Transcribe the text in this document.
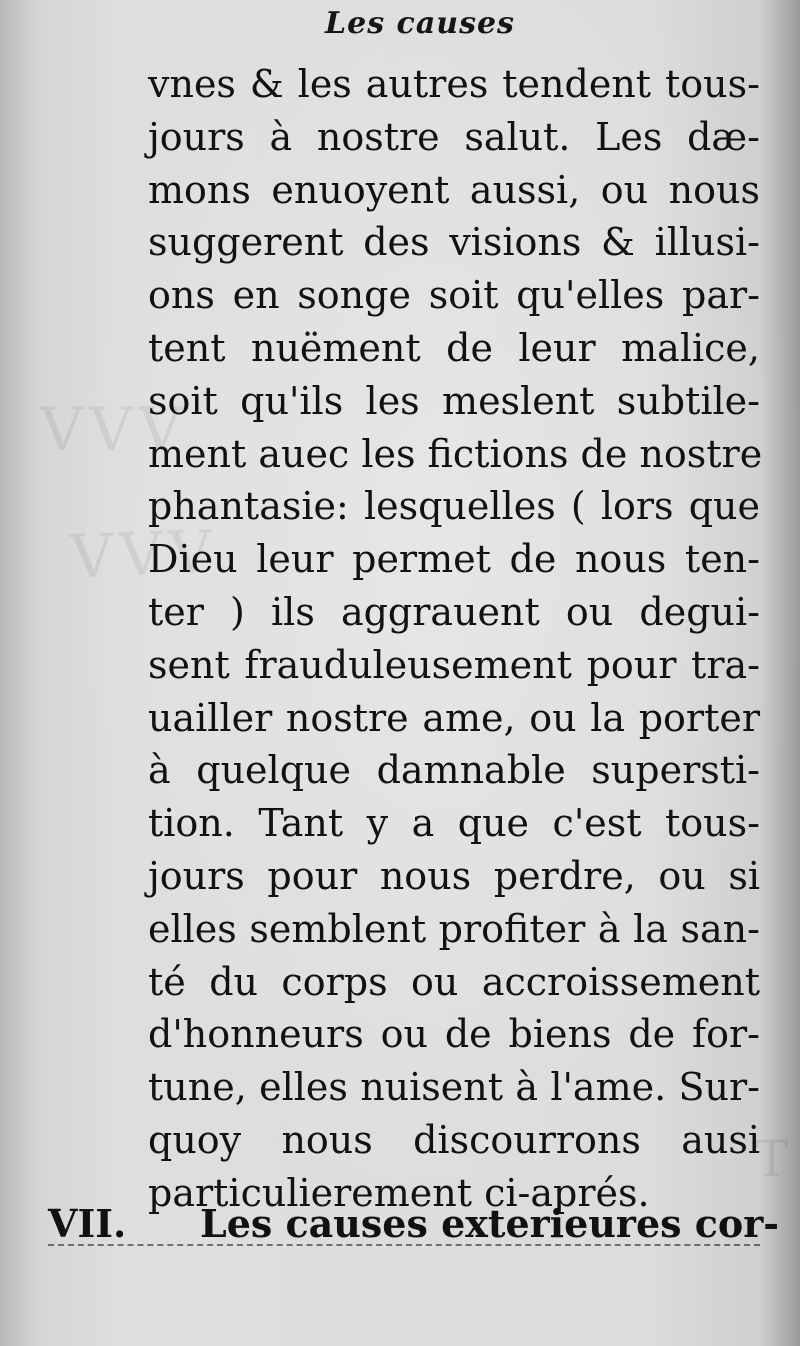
VVV
VVV
T
Les causes
vnes & les autres tendent tous-
jours à nostre salut. Les dæ-
mons enuoyent aussi, ou nous
suggerent des visions & illusi-
ons en songe soit qu'elles par-
tent nuëment de leur malice,
soit qu'ils les meslent subtile-
ment auec les fictions de nostre
phantasie: lesquelles ( lors que
Dieu leur permet de nous ten-
ter ) ils aggrauent ou degui-
sent frauduleusement pour tra-
uailler nostre ame, ou la porter
à quelque damnable supersti-
tion. Tant y a que c'est tous-
jours pour nous perdre, ou si
elles semblent profiter à la san-
té du corps ou accroissement
d'honneurs ou de biens de for-
tune, elles nuisent à l'ame. Sur-
quoy nous discourrons ausi
particulierement ci-aprés.
VII. Les causes exterieures cor-
